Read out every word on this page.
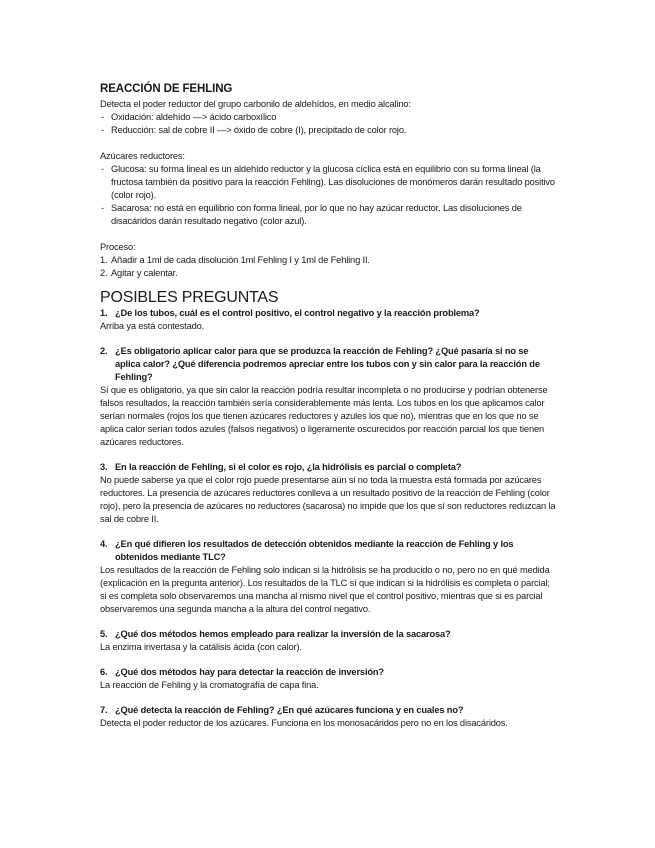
REACCIÓN DE FEHLING

Detecta el poder reductor del grupo carbonilo de aldehídos, en medio alcalino:

- Oxidación: aldehído —> ácido carboxílico
- Reducción: sal de cobre II —> óxido de cobre (I), precipitado de color rojo.

Azúcares reductores:

- Glucosa: su forma lineal es un aldehído reductor y la glucosa cíclica está en equilibrio con su forma lineal (la fructosa también da positivo para la reacción Fehling). Las disoluciones de monómeros darán resultado positivo (color rojo).
- Sacarosa: no está en equilibrio con forma lineal, por lo que no hay azúcar reductor. Las disoluciones de disacáridos darán resultado negativo (color azul).

Proceso:

1. Añadir a 1ml de cada disolución 1ml Fehling I y 1ml de Fehling II.
2. Agitar y calentar.
POSIBLES PREGUNTAS
1. ¿De los tubos, cuál es el control positivo, el control negativo y la reacción problema?

Arriba ya está contestado.

2. ¿Es obligatorio aplicar calor para que se produzca la reacción de Fehling? ¿Qué pasaría si no se aplica calor? ¿Qué diferencia podremos apreciar entre los tubos con y sin calor para la reacción de Fehling?

Sí que es obligatorio, ya que sin calor la reacción podría resultar incompleta o no producirse y podrían obtenerse falsos resultados, la reacción también sería considerablemente más lenta. Los tubos en los que aplicamos calor serían normales (rojos los que tienen azúcares reductores y azules los que no), mientras que en los que no se aplica calor serían todos azules (falsos negativos) o ligeramente oscurecidos por reacción parcial los que tienen azúcares reductores.

3. En la reacción de Fehling, si el color es rojo, ¿la hidrólisis es parcial o completa?

No puede saberse ya que el color rojo puede presentarse aún si no toda la muestra está formada por azúcares reductores. La presencia de azúcares reductores conlleva a un resultado positivo de la reacción de Fehling (color rojo), pero la presencia de azúcares no reductores (sacarosa) no impide que los que sí son reductores reduzcan la sal de cobre II.

4. ¿En qué difieren los resultados de detección obtenidos mediante la reacción de Fehling y los obtenidos mediante TLC?

Los resultados de la reacción de Fehling solo indican si la hidrólisis se ha producido o no, pero no en qué medida (explicación en la pregunta anterior). Los resultados de la TLC sí que indican si la hidrólisis es completa o parcial; si es completa solo observaremos una mancha al mismo nivel que el control positivo, mientras que si es parcial observaremos una segunda mancha a la altura del control negativo.

5. ¿Qué dos métodos hemos empleado para realizar la inversión de la sacarosa?

La enzima invertasa y la catálisis ácida (con calor).

6. ¿Qué dos métodos hay para detectar la reacción de inversión?

La reacción de Fehling y la cromatografía de capa fina.

7. ¿Qué detecta la reacción de Fehling? ¿En qué azúcares funciona y en cuales no?

Detecta el poder reductor de los azúcares. Funciona en los monosacáridos pero no en los disacáridos.
